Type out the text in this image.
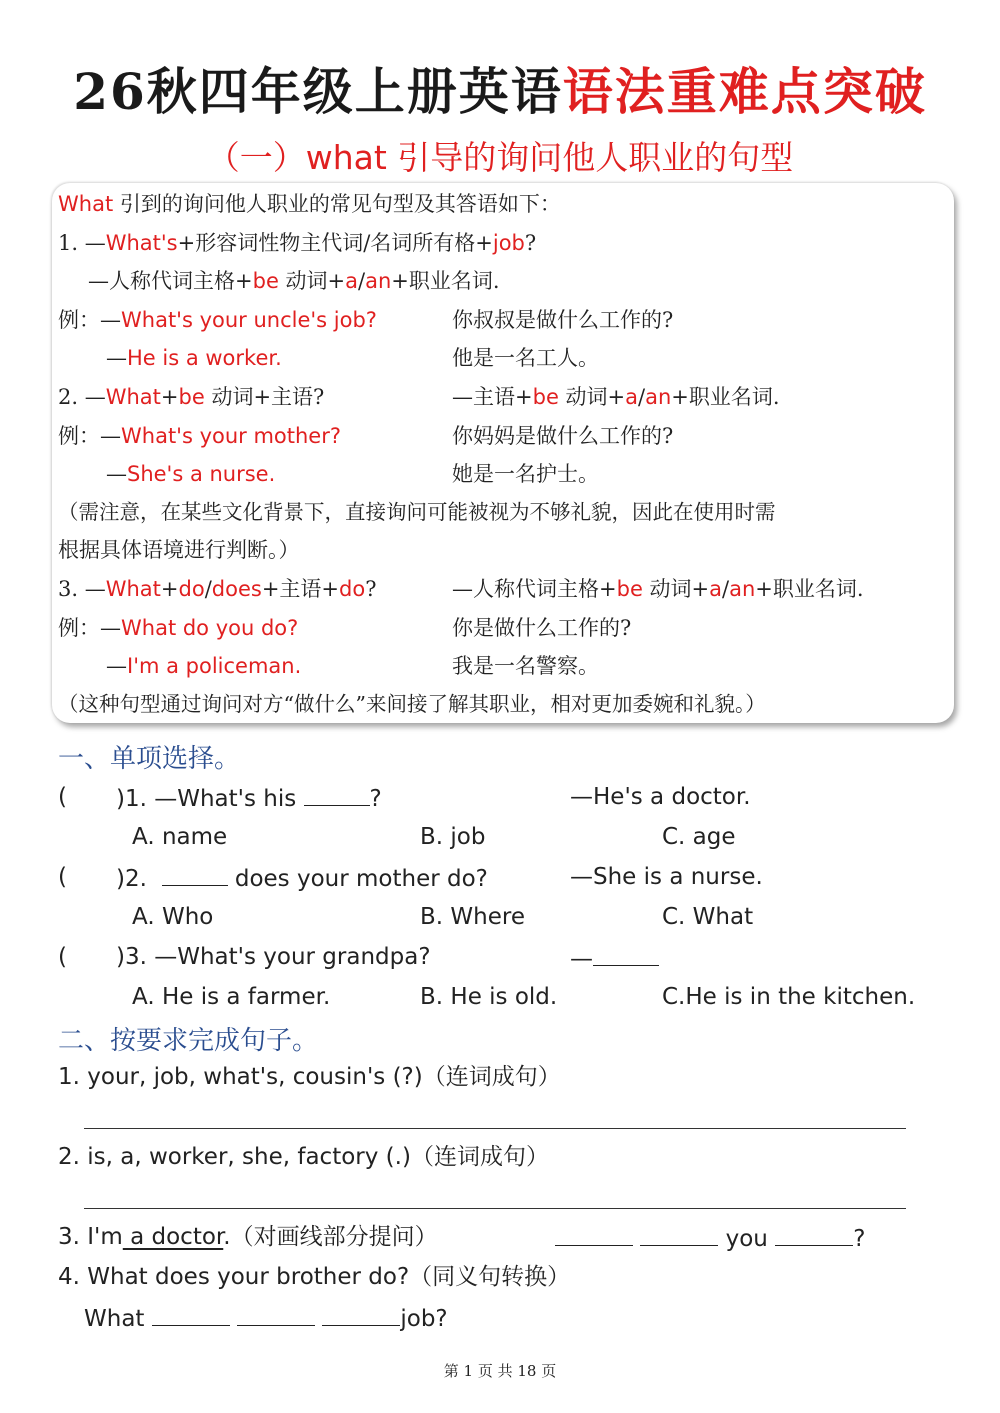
26秋四年级上册英语语法重难点突破
（一）what 引导的询问他人职业的句型
What 引到的询问他人职业的常见句型及其答语如下：
1. —What's+形容词性物主代词/名词所有格+job?
—人称代词主格+be 动词+a/an+职业名词.
例：—What's your uncle's job?	你叔叔是做什么工作的?
—He is a worker.	他是一名工人。
2. —What+be 动词+主语?	—主语+be 动词+a/an+职业名词.
例：—What's your mother?	你妈妈是做什么工作的?
—She's a nurse.	她是一名护士。
（需注意，在某些文化背景下，直接询问可能被视为不够礼貌，因此在使用时需
根据具体语境进行判断。）
3. —What+do/does+主语+do?	—人称代词主格+be 动词+a/an+职业名词.
例：—What do you do?	你是做什么工作的?
—I'm a policeman.	我是一名警察。
（这种句型通过询问对方“做什么”来间接了解其职业，相对更加委婉和礼貌。）
一、单项选择。
( )1. —What's his	?	—He's a doctor.
A. name	B. job	C. age
( )2.	does your mother do?	—She is a nurse.
A. Who	B. Where	C. What
( )3. —What's your grandpa?	—
A. He is a farmer.	B. He is old.	C.He is in the kitchen.
二、按要求完成句子。
1. your, job, what's, cousin's (?)（连词成句）
2. is, a, worker, she, factory (.)（连词成句）
3. I'm a doctor.（对画线部分提问）	you	?
4. What does your brother do?（同义句转换）
What	job?
第 1 页 共 18 页
